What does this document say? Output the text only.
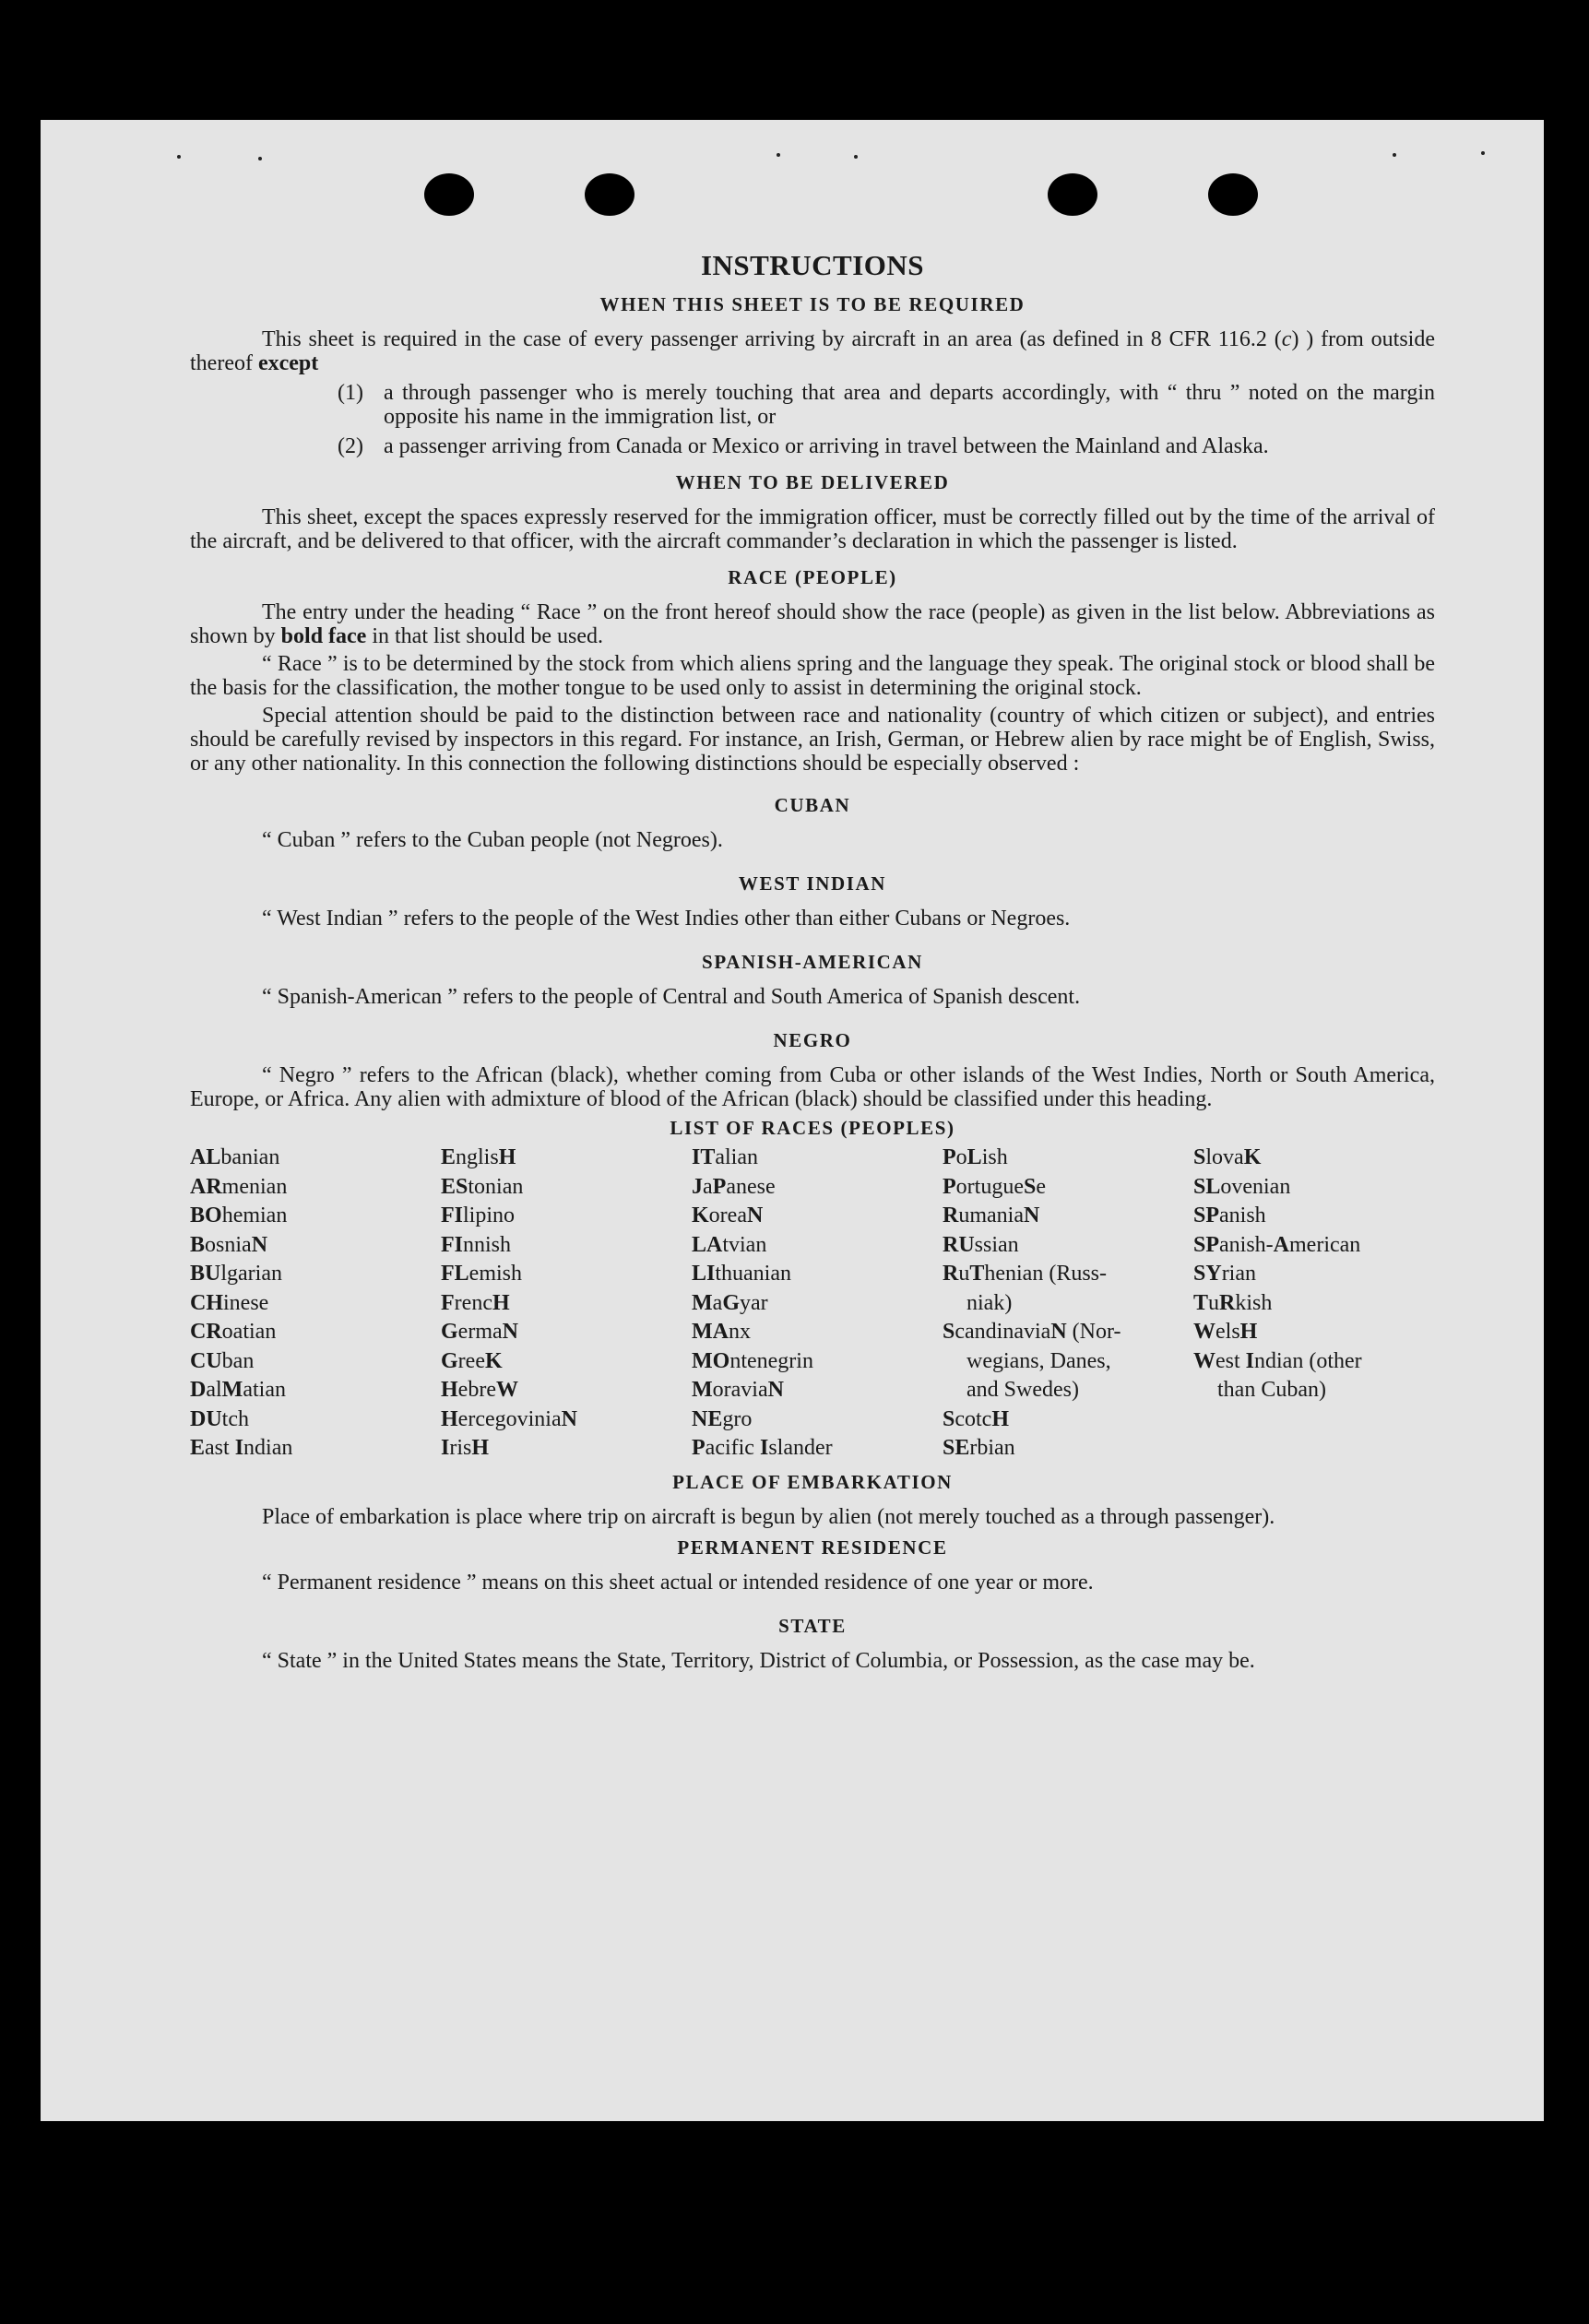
INSTRUCTIONS
WHEN THIS SHEET IS TO BE REQUIRED

This sheet is required in the case of every passenger arriving by aircraft in an area (as defined in 8 CFR 116.2 (c) ) from outside thereof except

(1) a through passenger who is merely touching that area and departs accordingly, with “ thru ” noted on the margin opposite his name in the immigration list, or
(2) a passenger arriving from Canada or Mexico or arriving in travel between the Mainland and Alaska.
WHEN TO BE DELIVERED

This sheet, except the spaces expressly reserved for the immigration officer, must be correctly filled out by the time of the arrival of the aircraft, and be delivered to that officer, with the aircraft commander’s declaration in which the passenger is listed.

RACE (PEOPLE)

The entry under the heading “ Race ” on the front hereof should show the race (people) as given in the list below. Abbreviations as shown by bold face in that list should be used.

“ Race ” is to be determined by the stock from which aliens spring and the language they speak. The original stock or blood shall be the basis for the classification, the mother tongue to be used only to assist in determining the original stock.

Special attention should be paid to the distinction between race and nationality (country of which citizen or subject), and entries should be carefully revised by inspectors in this regard. For instance, an Irish, German, or Hebrew alien by race might be of English, Swiss, or any other nationality. In this connection the following distinctions should be especially observed :

CUBAN

“ Cuban ” refers to the Cuban people (not Negroes).

WEST INDIAN

“ West Indian ” refers to the people of the West Indies other than either Cubans or Negroes.

SPANISH-AMERICAN

“ Spanish-American ” refers to the people of Central and South America of Spanish descent.

NEGRO

“ Negro ” refers to the African (black), whether coming from Cuba or other islands of the West Indies, North or South America, Europe, or Africa. Any alien with admixture of blood of the African (black) should be classified under this heading.

LIST OF RACES (PEOPLES)
ALbanian
ARmenian
BOhemian
BosniaN
BUlgarian
CHinese
CRoatian
CUban
DalMatian
DUtch
East Indian
EnglisH
EStonian
FIlipino
FInnish
FLemish
FrencH
GermaN
GreeK
HebreW
HercegoviniaN
IrisH
ITalian
JaPanese
KoreaN
LAtvian
LIthuanian
MaGyar
MAnx
MOntenegrin
MoraviaN
NEgro
Pacific Islander
PoLish
PortugueSe
RumaniaN
RUssian
RuThenian (Russ-
niak)
ScandinaviaN (Nor-
wegians, Danes,
and Swedes)
ScotcH
SErbian
SlovaK
SLovenian
SPanish
SPanish-American
SYrian
TuRkish
WelsH
West Indian (other
than Cuban)
PLACE OF EMBARKATION

Place of embarkation is place where trip on aircraft is begun by alien (not merely touched as a through passenger).

PERMANENT RESIDENCE

“ Permanent residence ” means on this sheet actual or intended residence of one year or more.

STATE

“ State ” in the United States means the State, Territory, District of Columbia, or Possession, as the case may be.
